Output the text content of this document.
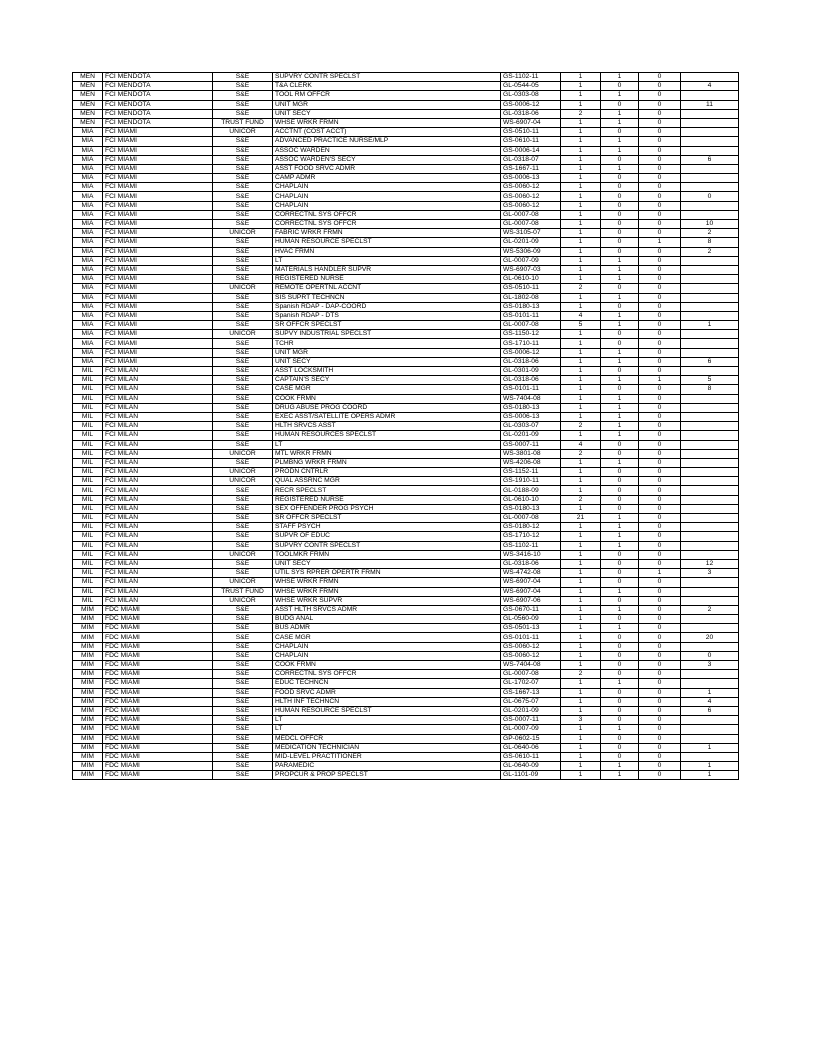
MEN	FCI MENDOTA	S&E	SUPVRY CONTR SPECLST	GS-1102-11	1	1	0	
MEN	FCI MENDOTA	S&E	T&A CLERK	GL-0544-05	1	0	0	4
MEN	FCI MENDOTA	S&E	TOOL RM OFFCR	GL-0303-08	1	1	0	
MEN	FCI MENDOTA	S&E	UNIT MGR	GS-0006-12	1	0	0	11
MEN	FCI MENDOTA	S&E	UNIT SECY	GL-0318-06	2	1	0	
MEN	FCI MENDOTA	TRUST FUND	WHSE WRKR FRMN	WS-6907-04	1	1	0	
MIA	FCI MIAMI	UNICOR	ACCTNT (COST ACCT)	GS-0510-11	1	0	0	
MIA	FCI MIAMI	S&E	ADVANCED PRACTICE NURSE/MLP	GS-0610-11	1	1	0	
MIA	FCI MIAMI	S&E	ASSOC WARDEN	GS-0006-14	1	1	0	
MIA	FCI MIAMI	S&E	ASSOC WARDEN'S SECY	GL-0318-07	1	0	0	6
MIA	FCI MIAMI	S&E	ASST FOOD SRVC ADMR	GS-1667-11	1	1	0	
MIA	FCI MIAMI	S&E	CAMP ADMR	GS-0006-13	1	0	0	
MIA	FCI MIAMI	S&E	CHAPLAIN	GS-0060-12	1	0	0	
MIA	FCI MIAMI	S&E	CHAPLAIN	GS-0060-12	1	0	0	0
MIA	FCI MIAMI	S&E	CHAPLAIN	GS-0060-12	1	0	0	
MIA	FCI MIAMI	S&E	CORRECTNL SYS OFFCR	GL-0007-08	1	0	0	
MIA	FCI MIAMI	S&E	CORRECTNL SYS OFFCR	GL-0007-08	1	0	0	10
MIA	FCI MIAMI	UNICOR	FABRIC WRKR FRMN	WS-3105-07	1	0	0	2
MIA	FCI MIAMI	S&E	HUMAN RESOURCE SPECLST	GL-0201-09	1	0	1	8
MIA	FCI MIAMI	S&E	HVAC FRMN	WS-5306-09	1	0	0	2
MIA	FCI MIAMI	S&E	LT	GL-0007-09	1	1	0	
MIA	FCI MIAMI	S&E	MATERIALS HANDLER SUPVR	WS-6907-03	1	1	0	
MIA	FCI MIAMI	S&E	REGISTERED NURSE	GL-0610-10	1	1	0	
MIA	FCI MIAMI	UNICOR	REMOTE OPERTNL ACCNT	GS-0510-11	2	0	0	
MIA	FCI MIAMI	S&E	SIS SUPRT TECHNCN	GL-1802-08	1	1	0	
MIA	FCI MIAMI	S&E	Spanish RDAP - DAP-COORD	GS-0180-13	1	0	0	
MIA	FCI MIAMI	S&E	Spanish RDAP - DTS	GS-0101-11	4	1	0	
MIA	FCI MIAMI	S&E	SR OFFCR SPECLST	GL-0007-08	5	1	0	1
MIA	FCI MIAMI	UNICOR	SUPVY INDUSTRIAL SPECLST	GS-1150-12	1	0	0	
MIA	FCI MIAMI	S&E	TCHR	GS-1710-11	1	0	0	
MIA	FCI MIAMI	S&E	UNIT MGR	GS-0006-12	1	1	0	
MIA	FCI MIAMI	S&E	UNIT SECY	GL-0318-06	1	1	0	6
MIL	FCI MILAN	S&E	ASST LOCKSMITH	GL-0301-09	1	0	0	
MIL	FCI MILAN	S&E	CAPTAIN'S SECY	GL-0318-06	1	1	1	5
MIL	FCI MILAN	S&E	CASE MGR	GS-0101-11	1	0	0	8
MIL	FCI MILAN	S&E	COOK FRMN	WS-7404-08	1	1	0	
MIL	FCI MILAN	S&E	DRUG ABUSE PROG COORD	GS-0180-13	1	1	0	
MIL	FCI MILAN	S&E	EXEC ASST/SATELLITE OPERS ADMR	GS-0006-13	1	1	0	
MIL	FCI MILAN	S&E	HLTH SRVCS ASST	GL-0303-07	2	1	0	
MIL	FCI MILAN	S&E	HUMAN RESOURCES SPECLST	GL-0201-09	1	1	0	
MIL	FCI MILAN	S&E	LT	GS-0007-11	4	0	0	
MIL	FCI MILAN	UNICOR	MTL WRKR FRMN	WS-3801-08	2	0	0	
MIL	FCI MILAN	S&E	PLMBNG WRKR FRMN	WS-4206-08	1	1	0	
MIL	FCI MILAN	UNICOR	PRODN CNTRLR	GS-1152-11	1	0	0	
MIL	FCI MILAN	UNICOR	QUAL ASSRNC MGR	GS-1910-11	1	0	0	
MIL	FCI MILAN	S&E	RECR SPECLST	GL-0188-09	1	0	0	
MIL	FCI MILAN	S&E	REGISTERED NURSE	GL-0610-10	2	0	0	
MIL	FCI MILAN	S&E	SEX OFFENDER PROG PSYCH	GS-0180-13	1	0	0	
MIL	FCI MILAN	S&E	SR OFFCR SPECLST	GL-0007-08	21	1	0	
MIL	FCI MILAN	S&E	STAFF PSYCH	GS-0180-12	1	1	0	
MIL	FCI MILAN	S&E	SUPVR OF EDUC	GS-1710-12	1	1	0	
MIL	FCI MILAN	S&E	SUPVRY CONTR SPECLST	GS-1102-11	1	1	0	
MIL	FCI MILAN	UNICOR	TOOLMKR FRMN	WS-3416-10	1	0	0	
MIL	FCI MILAN	S&E	UNIT SECY	GL-0318-06	1	0	0	12
MIL	FCI MILAN	S&E	UTIL SYS RPRER OPERTR FRMN	WS-4742-08	1	0	1	3
MIL	FCI MILAN	UNICOR	WHSE WRKR FRMN	WS-6907-04	1	0	0	
MIL	FCI MILAN	TRUST FUND	WHSE WRKR FRMN	WS-6907-04	1	1	0	
MIL	FCI MILAN	UNICOR	WHSE WRKR SUPVR	WS-6907-06	1	0	0	
MIM	FDC MIAMI	S&E	ASST HLTH SRVCS ADMR	GS-0670-11	1	1	0	2
MIM	FDC MIAMI	S&E	BUDG ANAL	GL-0560-09	1	0	0	
MIM	FDC MIAMI	S&E	BUS ADMR	GS-0501-13	1	1	0	
MIM	FDC MIAMI	S&E	CASE MGR	GS-0101-11	1	0	0	20
MIM	FDC MIAMI	S&E	CHAPLAIN	GS-0060-12	1	0	0	
MIM	FDC MIAMI	S&E	CHAPLAIN	GS-0060-12	1	0	0	0
MIM	FDC MIAMI	S&E	COOK FRMN	WS-7404-08	1	0	0	3
MIM	FDC MIAMI	S&E	CORRECTNL SYS OFFCR	GL-0007-08	2	0	0	
MIM	FDC MIAMI	S&E	EDUC TECHNCN	GL-1702-07	1	1	0	
MIM	FDC MIAMI	S&E	FOOD SRVC ADMR	GS-1667-13	1	0	0	1
MIM	FDC MIAMI	S&E	HLTH INF TECHNCN	GL-0675-07	1	0	0	4
MIM	FDC MIAMI	S&E	HUMAN RESOURCE SPECLST	GL-0201-09	1	0	0	6
MIM	FDC MIAMI	S&E	LT	GS-0007-11	3	0	0	
MIM	FDC MIAMI	S&E	LT	GL-0007-09	1	1	0	
MIM	FDC MIAMI	S&E	MEDCL OFFCR	GP-0602-15	1	0	0	
MIM	FDC MIAMI	S&E	MEDICATION TECHNICIAN	GL-0640-06	1	0	0	1
MIM	FDC MIAMI	S&E	MID-LEVEL PRACTITIONER	GS-0610-11	1	0	0	
MIM	FDC MIAMI	S&E	PARAMEDIC	GL-0640-09	1	1	0	1
MIM	FDC MIAMI	S&E	PROPCUR & PROP SPECLST	GL-1101-09	1	1	0	1
